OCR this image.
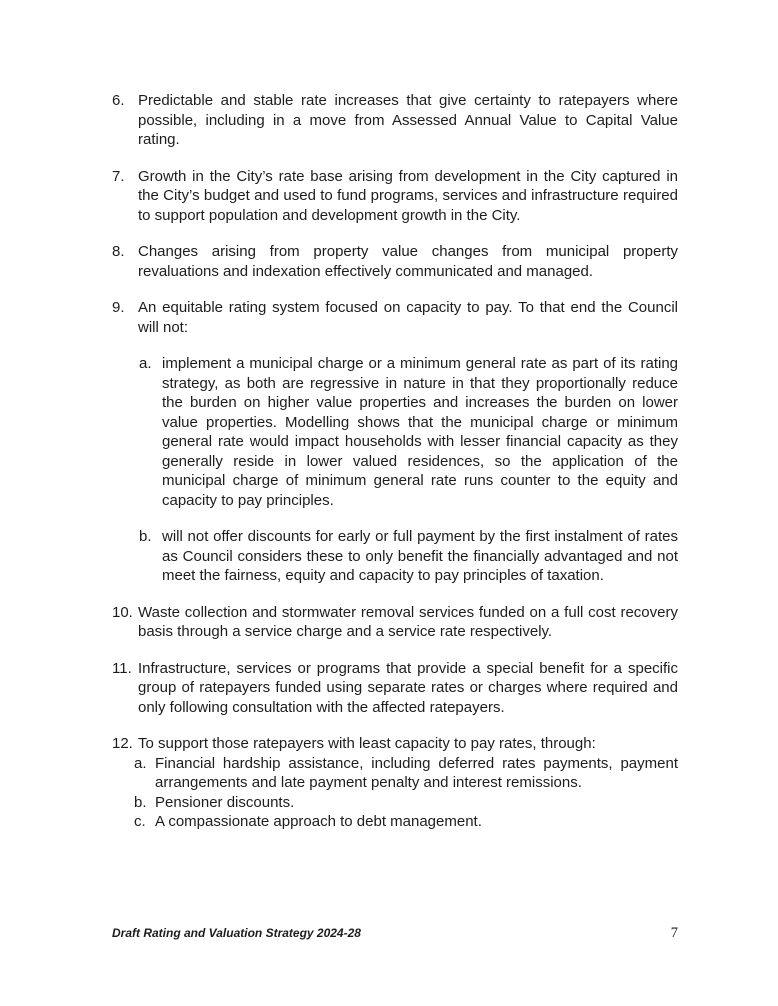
6. Predictable and stable rate increases that give certainty to ratepayers where possible, including in a move from Assessed Annual Value to Capital Value rating.
7. Growth in the City’s rate base arising from development in the City captured in the City’s budget and used to fund programs, services and infrastructure required to support population and development growth in the City.
8. Changes arising from property value changes from municipal property revaluations and indexation effectively communicated and managed.
9. An equitable rating system focused on capacity to pay. To that end the Council will not:
a. implement a municipal charge or a minimum general rate as part of its rating strategy, as both are regressive in nature in that they proportionally reduce the burden on higher value properties and increases the burden on lower value properties. Modelling shows that the municipal charge or minimum general rate would impact households with lesser financial capacity as they generally reside in lower valued residences, so the application of the municipal charge of minimum general rate runs counter to the equity and capacity to pay principles.
b. will not offer discounts for early or full payment by the first instalment of rates as Council considers these to only benefit the financially advantaged and not meet the fairness, equity and capacity to pay principles of taxation.
10. Waste collection and stormwater removal services funded on a full cost recovery basis through a service charge and a service rate respectively.
11. Infrastructure, services or programs that provide a special benefit for a specific group of ratepayers funded using separate rates or charges where required and only following consultation with the affected ratepayers.
12. To support those ratepayers with least capacity to pay rates, through:
a. Financial hardship assistance, including deferred rates payments, payment arrangements and late payment penalty and interest remissions.
b. Pensioner discounts.
c. A compassionate approach to debt management.
Draft Rating and Valuation Strategy 2024-28	7
